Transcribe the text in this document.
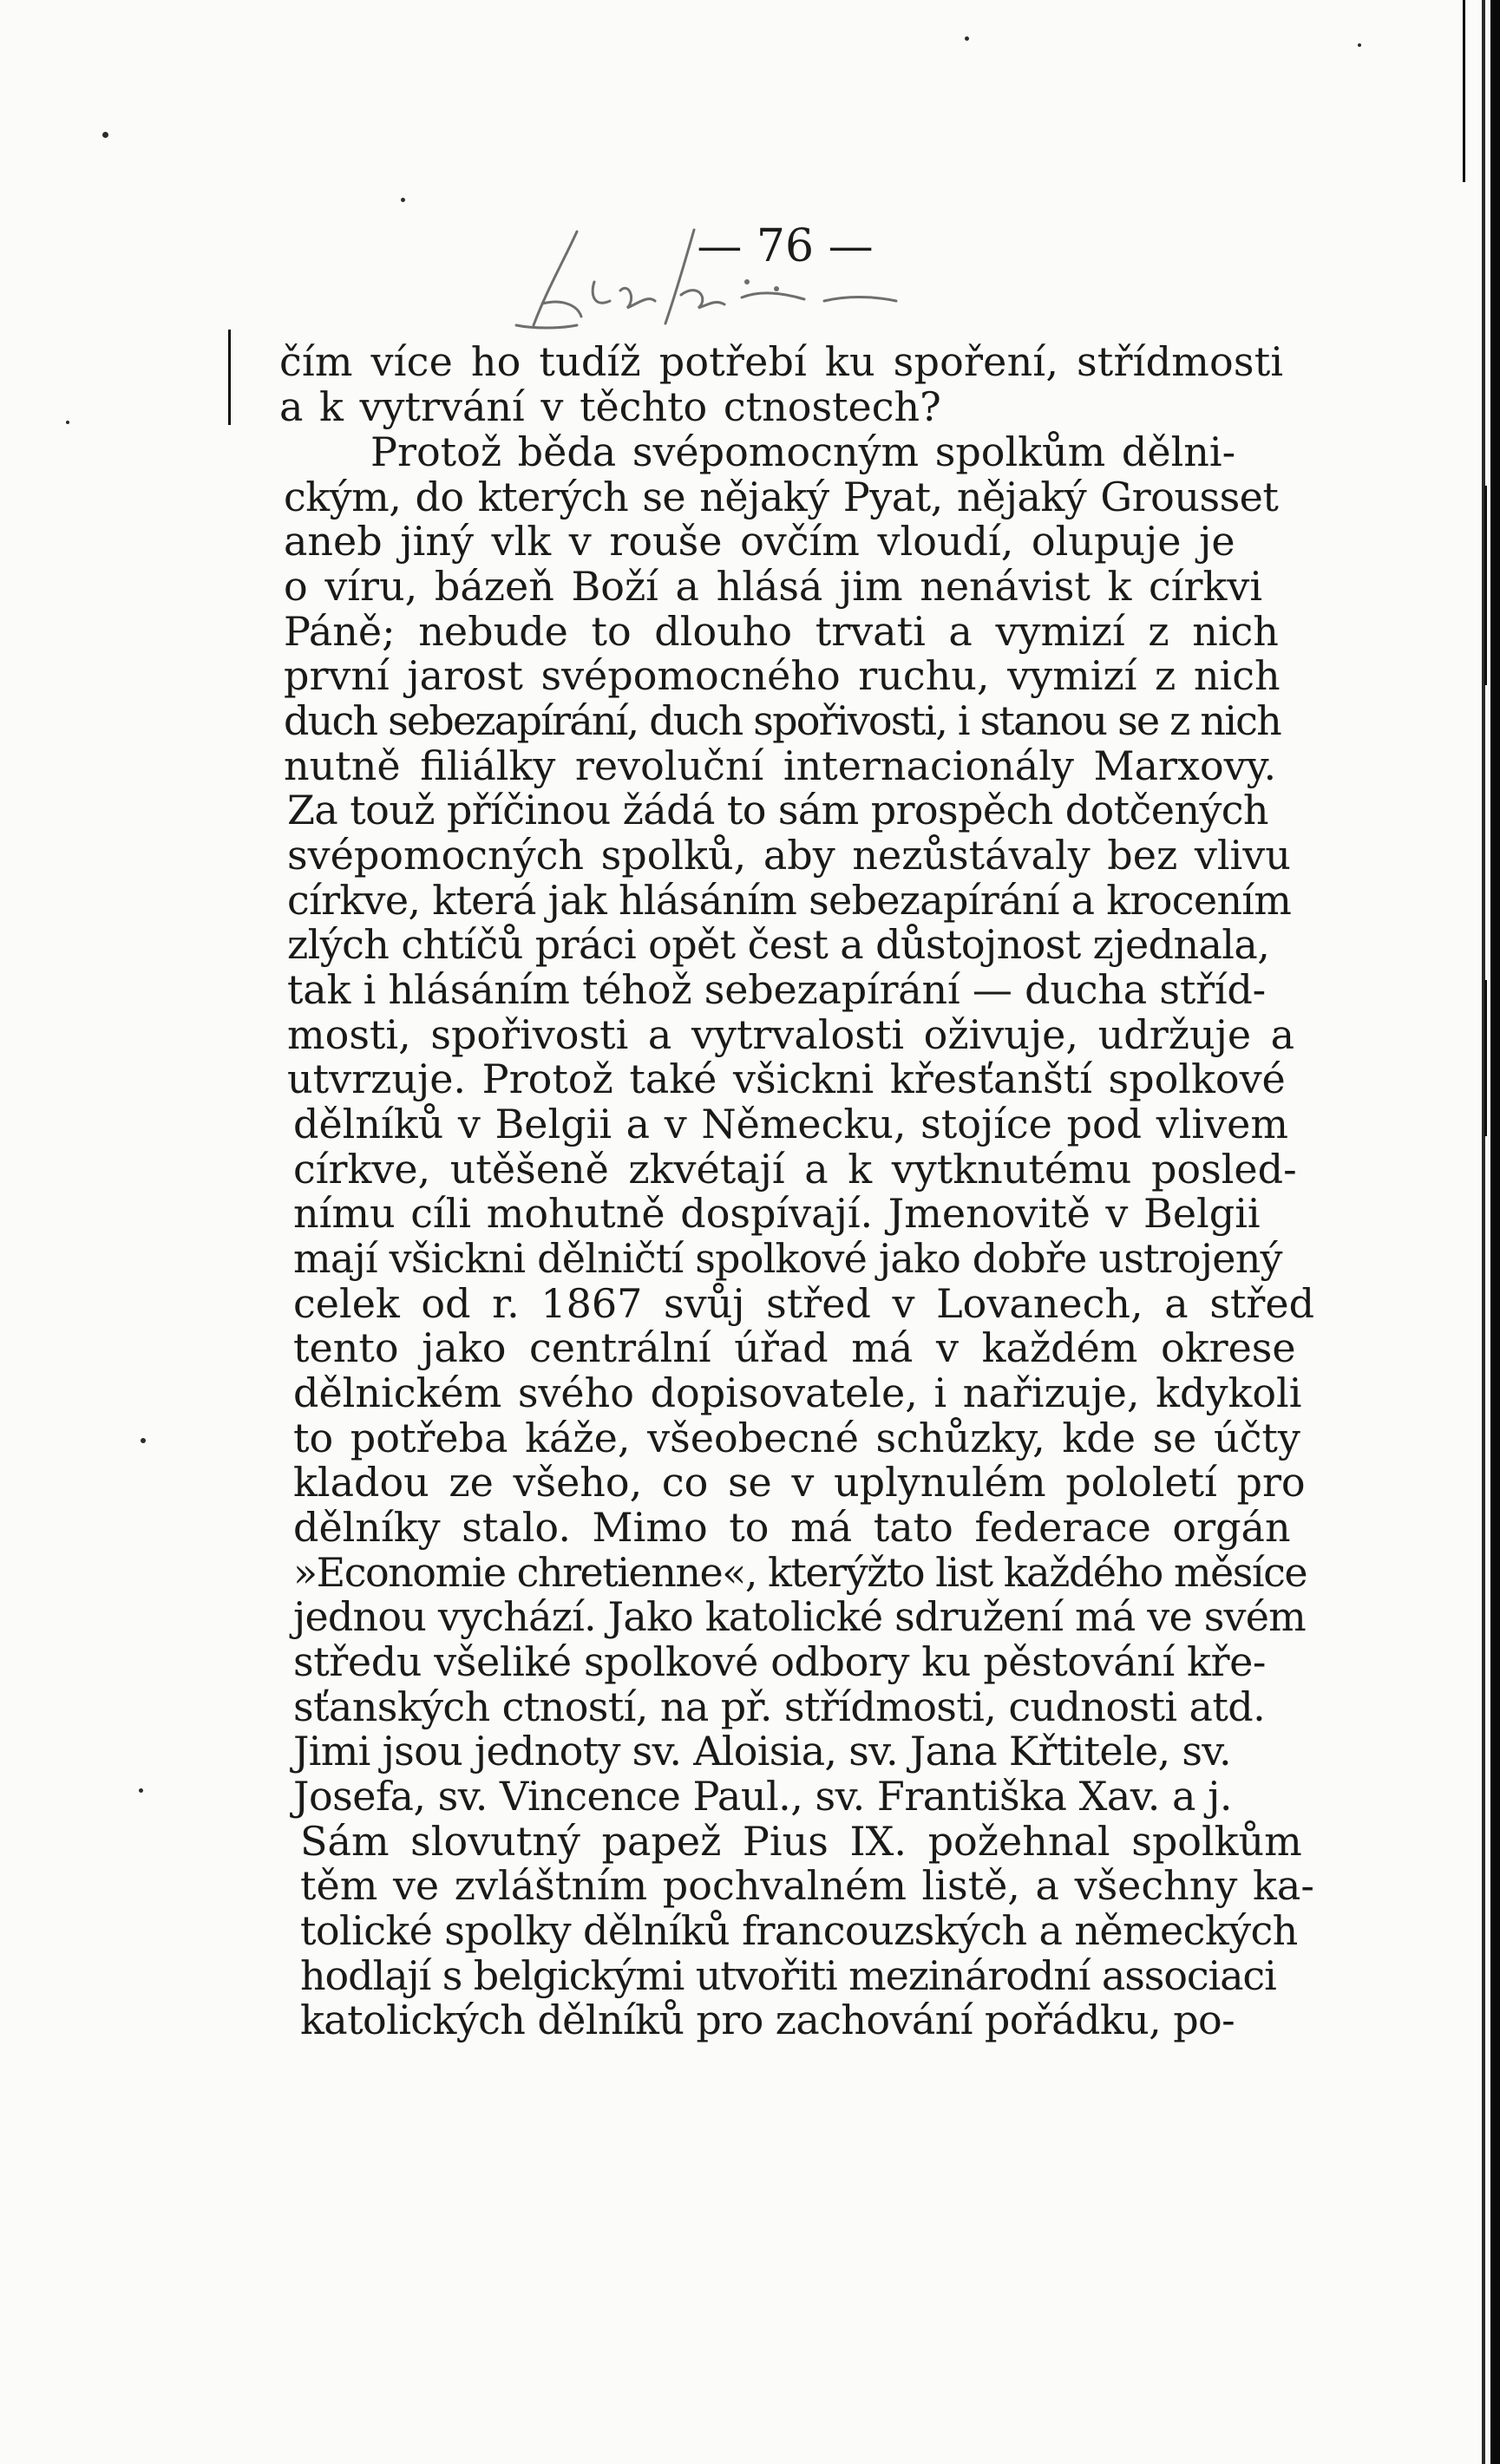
— 76 —
čím více ho tudíž potřebí ku spoření, střídmosti
a k vytrvání v těchto ctnostech?
Protož běda svépomocným spolkům dělni-
ckým, do kterých se nějaký Pyat, nějaký Grousset
aneb jiný vlk v rouše ovčím vloudí, olupuje je
o víru, bázeň Boží a hlásá jim nenávist k církvi
Páně; nebude to dlouho trvati a vymizí z nich
první jarost svépomocného ruchu, vymizí z nich
duch sebezapírání, duch spořivosti, i stanou se z nich
nutně filiálky revoluční internacionály Marxovy.
Za touž příčinou žádá to sám prospěch dotčených
svépomocných spolků, aby nezůstávaly bez vlivu
církve, která jak hlásáním sebezapírání a krocením
zlých chtíčů práci opět čest a důstojnost zjednala,
tak i hlásáním téhož sebezapírání — ducha stříd-
mosti, spořivosti a vytrvalosti oživuje, udržuje a
utvrzuje. Protož také všickni křesťanští spolkové
dělníků v Belgii a v Německu, stojíce pod vlivem
církve, utěšeně zkvétají a k vytknutému posled-
nímu cíli mohutně dospívají. Jmenovitě v Belgii
mají všickni dělničtí spolkové jako dobře ustrojený
celek od r. 1867 svůj střed v Lovanech, a střed
tento jako centrální úřad má v každém okrese
dělnickém svého dopisovatele, i nařizuje, kdykoli
to potřeba káže, všeobecné schůzky, kde se účty
kladou ze všeho, co se v uplynulém pololetí pro
dělníky stalo. Mimo to má tato federace orgán
»Economie chretienne«, kterýžto list každého měsíce
jednou vychází. Jako katolické sdružení má ve svém
středu všeliké spolkové odbory ku pěstování kře-
sťanských ctností, na př. střídmosti, cudnosti atd.
Jimi jsou jednoty sv. Aloisia, sv. Jana Křtitele, sv.
Josefa, sv. Vincence Paul., sv. Františka Xav. a j.
Sám slovutný papež Pius IX. požehnal spolkům
těm ve zvláštním pochvalném listě, a všechny ka-
tolické spolky dělníků francouzských a německých
hodlají s belgickými utvořiti mezinárodní associaci
katolických dělníků pro zachování pořádku, po-
